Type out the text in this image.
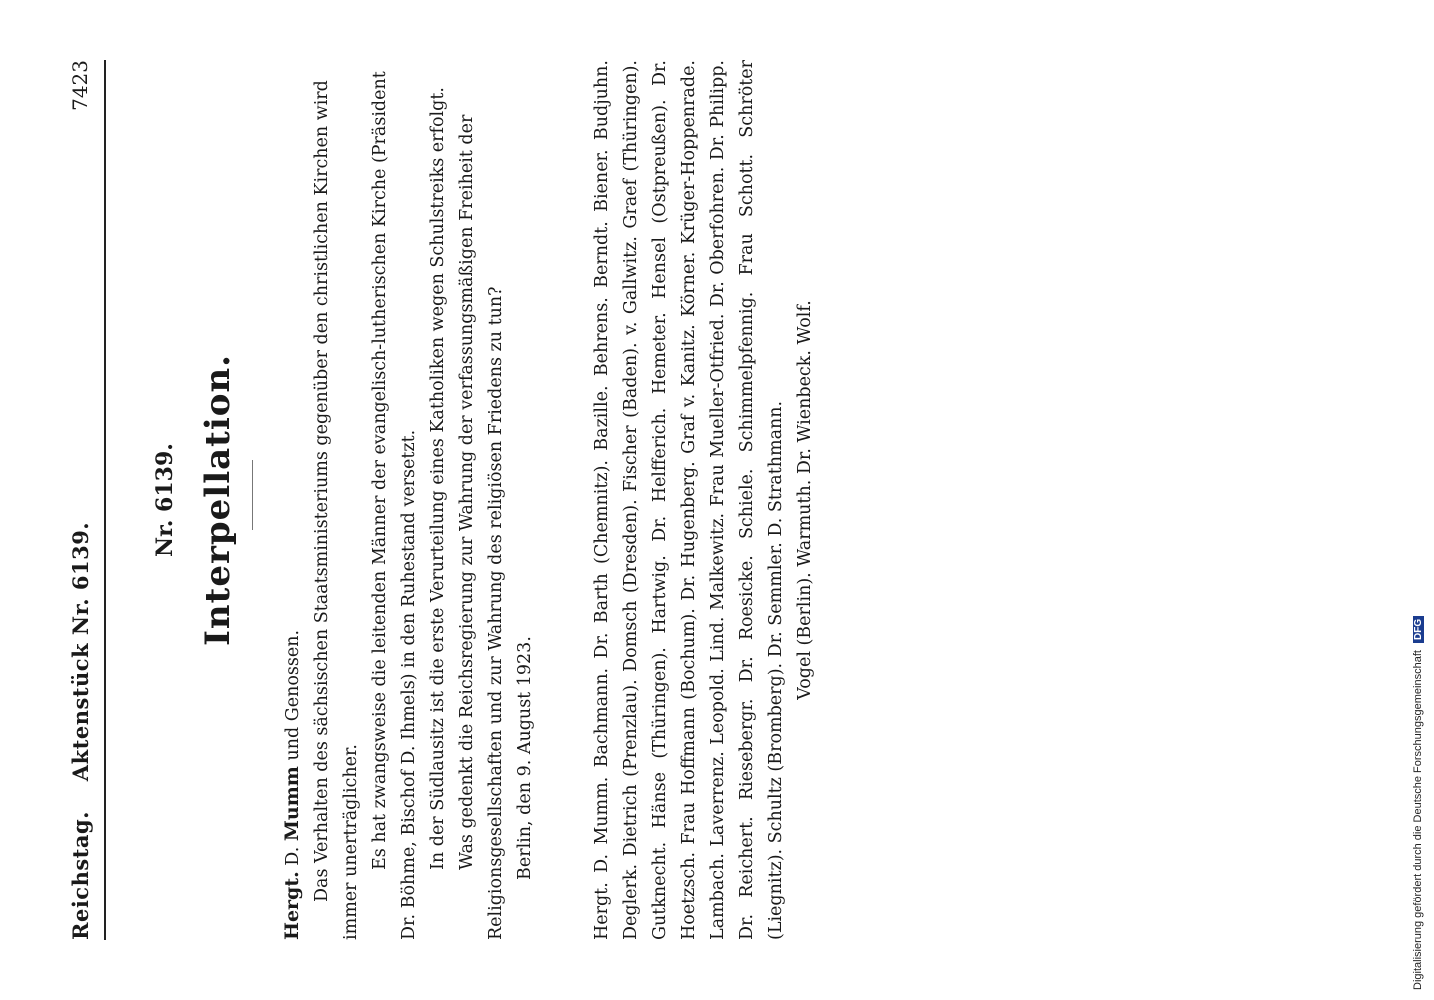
Reichstag. Aktenstück Nr. 6139.
7423
Nr. 6139. Interpellation.
Hergt. D. Mumm und Genossen. Das Verhalten des sächsischen Staatsministeriums gegenüber den christlichen Kirchen wird immer unerträglicher. Es hat zwangsweise die leitenden Männer der evangelisch-lutherischen Kirche (Präsident Dr. Böhme, Bischof D. Ihmels) in den Ruhestand versetzt. In der Südlausitz ist die erste Verurteilung eines Katholiken wegen Schulstreiks erfolgt. Was gedenkt die Reichsregierung zur Wahrung der verfassungsmäßigen Freiheit der Religionsgesellschaften und zur Wahrung des religiösen Friedens zu tun? Berlin, den 9. August 1923.	Hergt. D. Mumm. Bachmann. Dr. Barth (Chemnitz). Bazille. Behrens. Berndt. Biener. Budjuhn. Deglerk. Dietrich (Prenzlau). Domsch (Dresden). Fischer (Baden). v. Gallwitz. Graef (Thüringen). Gutknecht. Hänse (Thüringen). Hartwig. Dr. Helfferich. Hemeter. Hensel (Ostpreußen). Dr. Hoetzsch. Frau Hoffmann (Bochum). Dr. Hugenberg. Graf v. Kanitz. Körner. Krüger-Hoppenrade. Lambach. Laverrenz. Leopold. Lind. Malkewitz. Frau Mueller-Otfried. Dr. Oberfohren. Dr. Philipp. Dr. Reichert. Riesebergr. Dr. Roesicke. Schiele. Schimmelpfennig. Frau Schott. Schröter (Liegnitz). Schultz (Bromberg). Dr. Semmler. D. Strathmann. Vogel (Berlin). Warmuth. Dr. Wienbeck. Wolf.
Digitalisierung gefördert durch die Deutsche Forschungsgemeinschaft DFG
